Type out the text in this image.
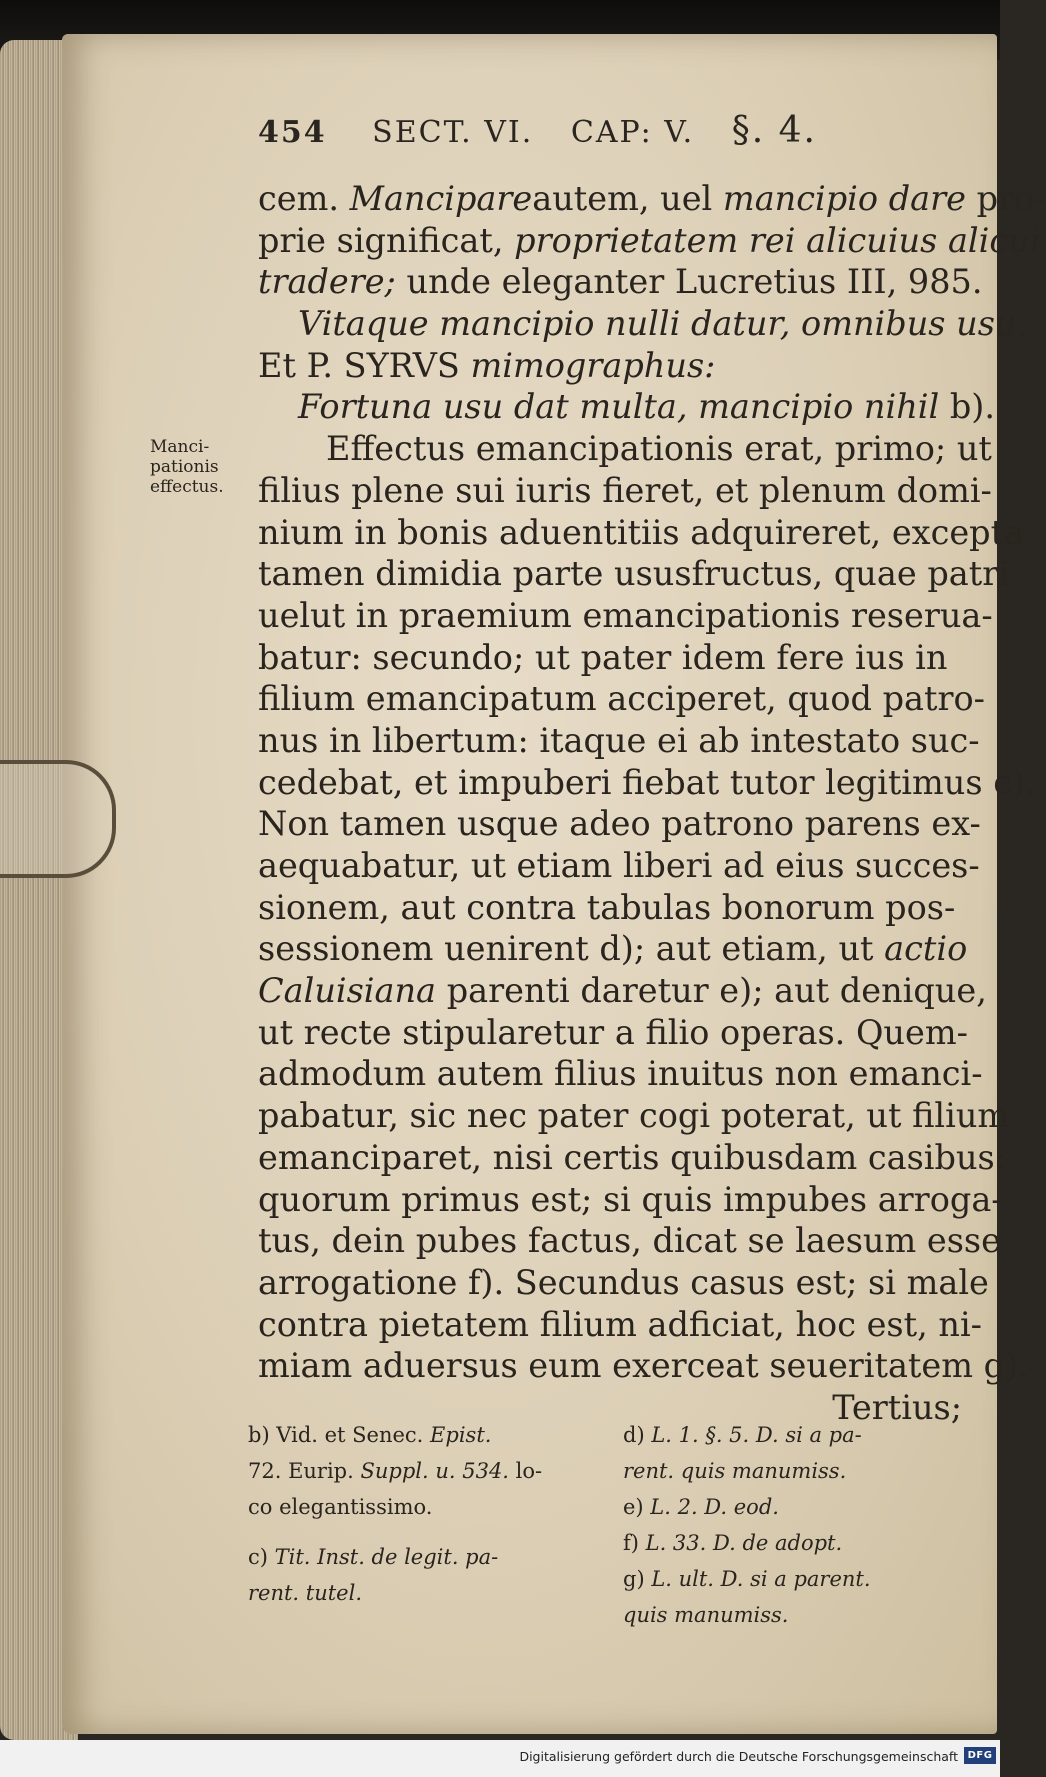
454 SECT. VI. CAP: V. §. 4.
Manci-
pationis
effectus.
cem. Mancipareautem, uel mancipio dare pro-
prie significat, proprietatem rei alicuius alicui
tradere; unde eleganter Lucretius III, 985.
Vitaque mancipio nulli datur, omnibus usu.
Et P. SYRVS mimographus:
Fortuna usu dat multa, mancipio nihil b).
Effectus emancipationis erat, primo; ut
filius plene sui iuris fieret, et plenum domi-
nium in bonis aduentitiis adquireret, excepta
tamen dimidia parte ususfructus, quae patri
uelut in praemium emancipationis reserua-
batur: secundo; ut pater idem fere ius in
filium emancipatum acciperet, quod patro-
nus in libertum: itaque ei ab intestato suc-
cedebat, et impuberi fiebat tutor legitimus c).
Non tamen usque adeo patrono parens ex-
aequabatur, ut etiam liberi ad eius succes-
sionem, aut contra tabulas bonorum pos-
sessionem uenirent d); aut etiam, ut actio
Caluisiana parenti daretur e); aut denique,
ut recte stipularetur a filio operas. Quem-
admodum autem filius inuitus non emanci-
pabatur, sic nec pater cogi poterat, ut filium
emanciparet, nisi certis quibusdam casibus:
quorum primus est; si quis impubes arroga-
tus, dein pubes factus, dicat se laesum esse
arrogatione f). Secundus casus est; si male
contra pietatem filium adficiat, hoc est, ni-
miam aduersus eum exerceat seueritatem g).
Tertius;
b) Vid. et Senec. Epist.
72. Eurip. Suppl. u. 534. lo-
co elegantissimo.
c) Tit. Inst. de legit. pa-
rent. tutel.
d) L. 1. §. 5. D. si a pa-
rent. quis manumiss.
e) L. 2. D. eod.
f) L. 33. D. de adopt.
g) L. ult. D. si a parent.
quis manumiss.
Digitalisierung gefördert durch die Deutsche Forschungsgemeinschaft DFG
